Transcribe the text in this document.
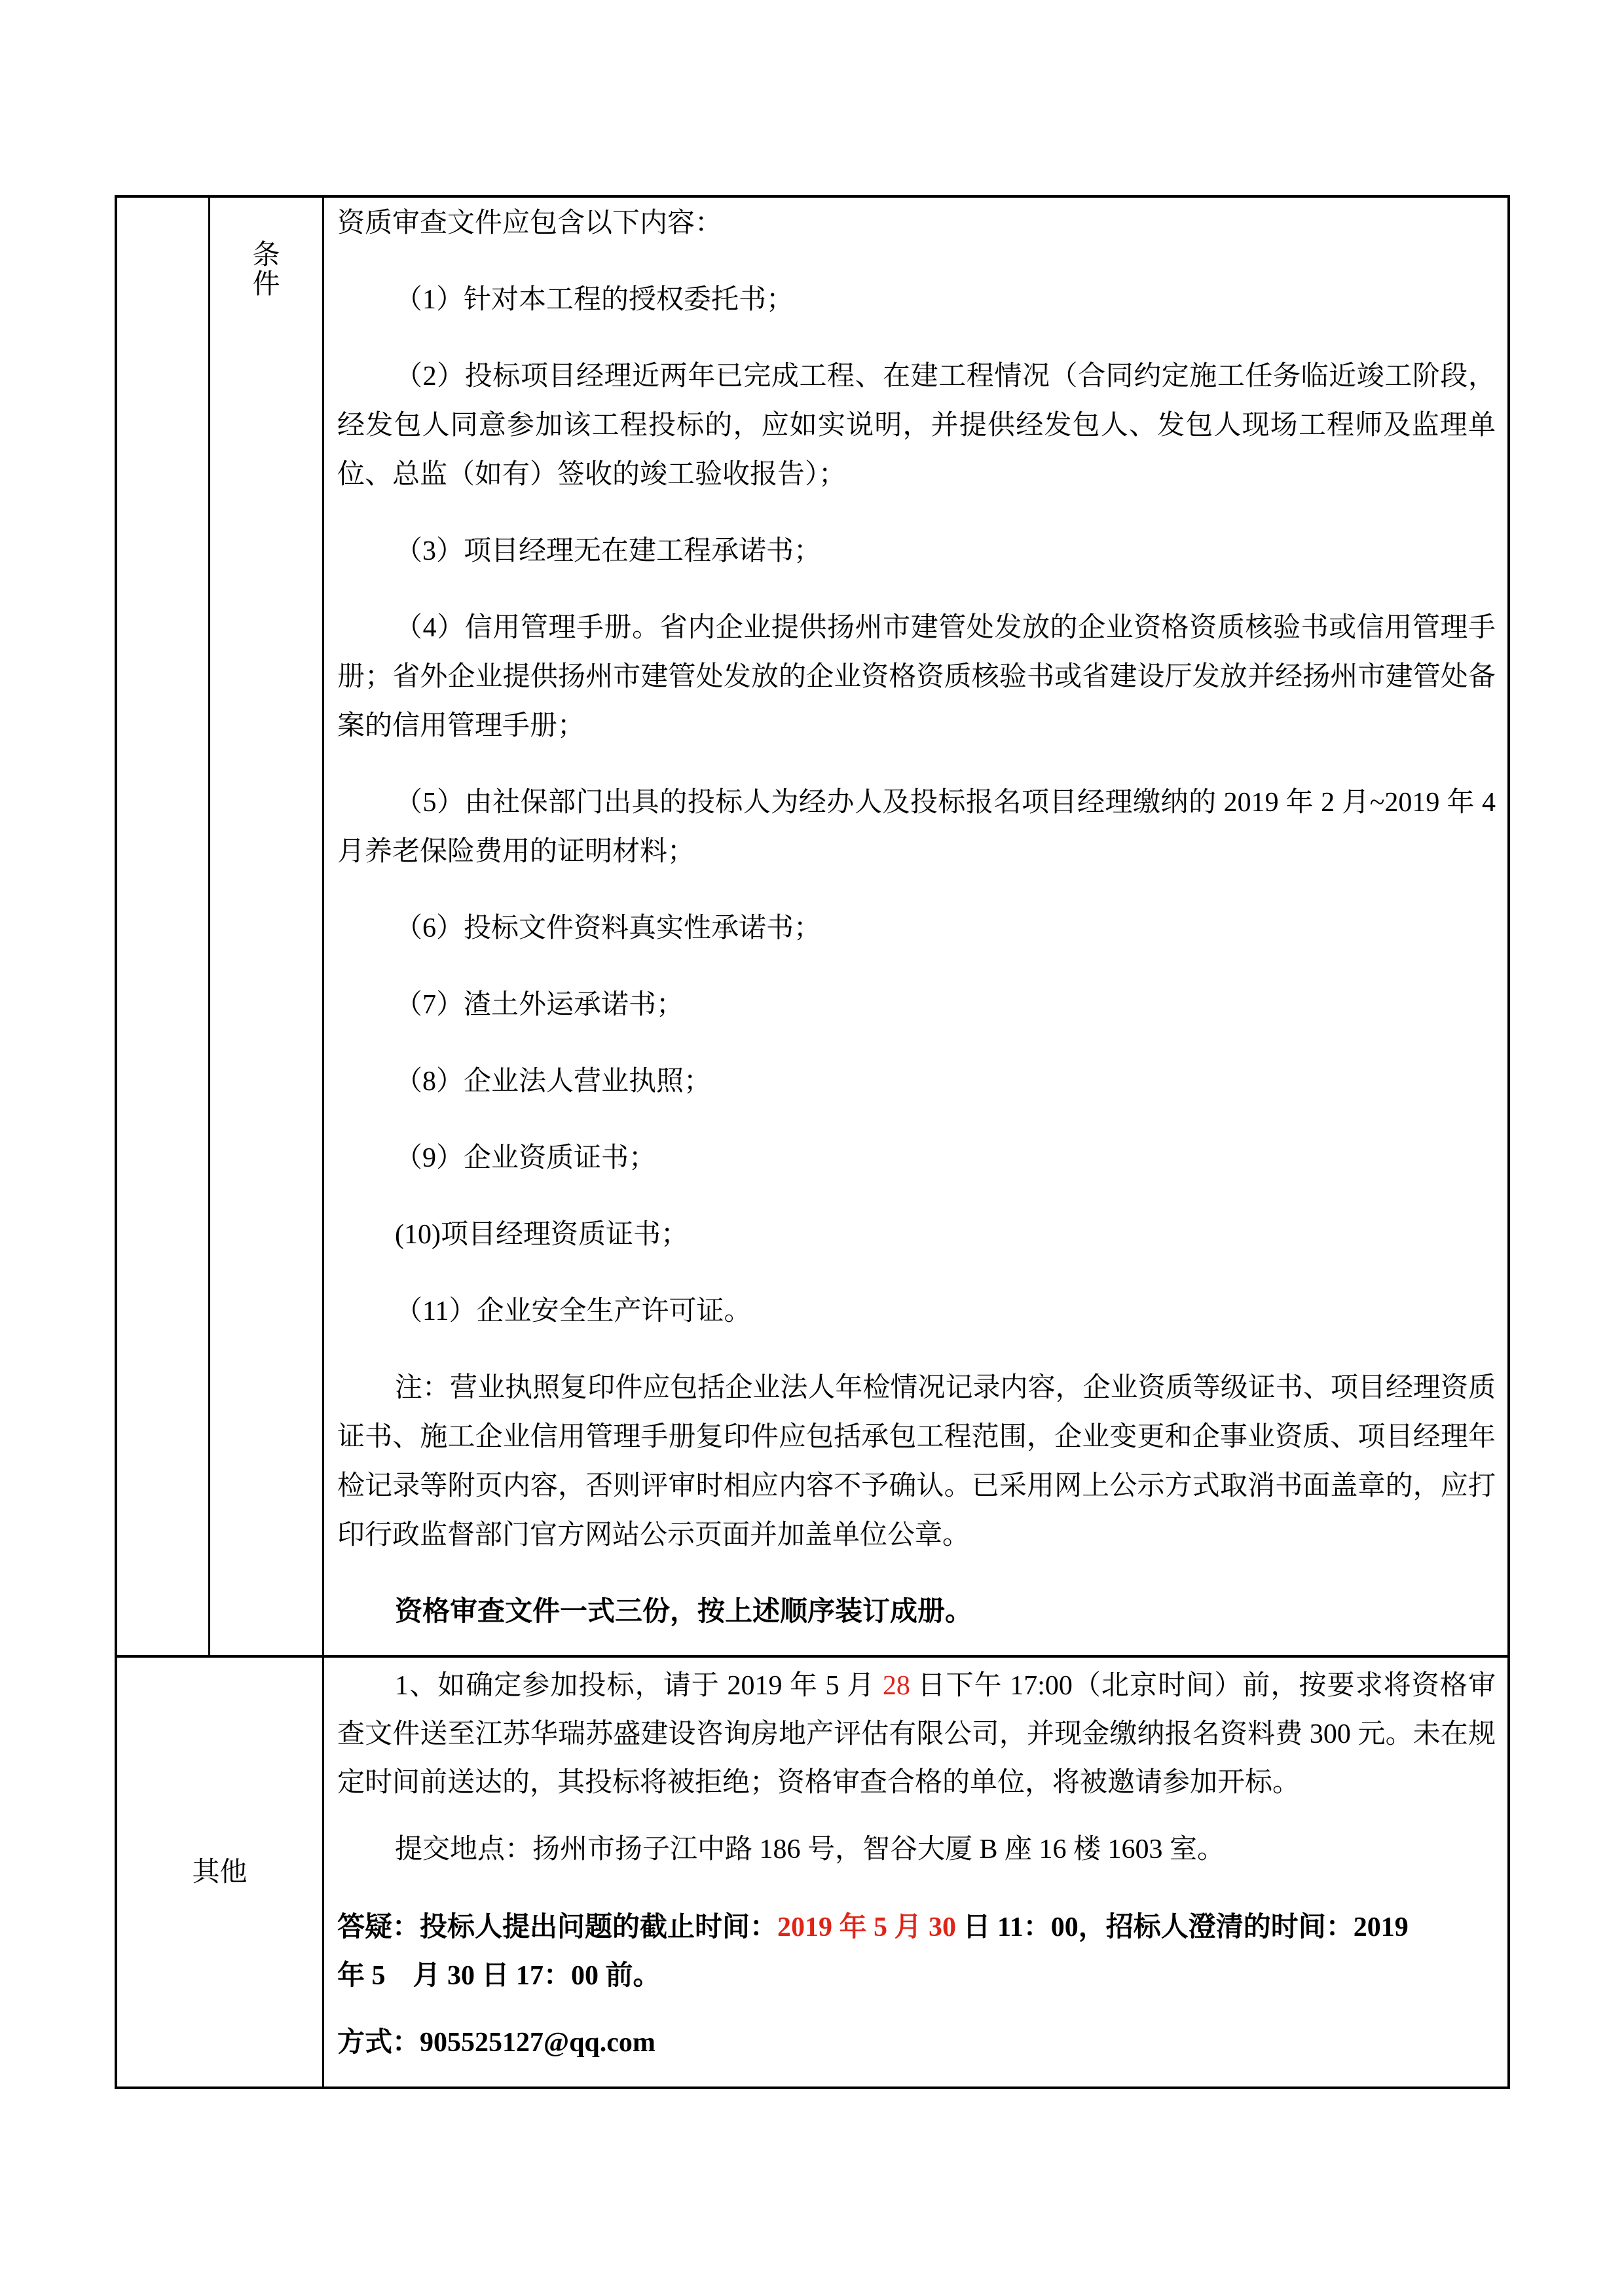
条件

资质审查文件应包含以下内容：

（1）针对本工程的授权委托书；

（2）投标项目经理近两年已完成工程、在建工程情况（合同约定施工任务临近竣工阶段，经发包人同意参加该工程投标的，应如实说明，并提供经发包人、发包人现场工程师及监理单位、总监（如有）签收的竣工验收报告）；

（3）项目经理无在建工程承诺书；

（4）信用管理手册。省内企业提供扬州市建管处发放的企业资格资质核验书或信用管理手册；省外企业提供扬州市建管处发放的企业资格资质核验书或省建设厅发放并经扬州市建管处备案的信用管理手册；

（5）由社保部门出具的投标人为经办人及投标报名项目经理缴纳的 2019 年 2 月~2019 年 4 月养老保险费用的证明材料；

（6）投标文件资料真实性承诺书；

（7）渣土外运承诺书；

（8）企业法人营业执照；

（9）企业资质证书；

(10)项目经理资质证书；

（11）企业安全生产许可证。

注：营业执照复印件应包括企业法人年检情况记录内容，企业资质等级证书、项目经理资质证书、施工企业信用管理手册复印件应包括承包工程范围，企业变更和企事业资质、项目经理年检记录等附页内容，否则评审时相应内容不予确认。已采用网上公示方式取消书面盖章的，应打印行政监督部门官方网站公示页面并加盖单位公章。

资格审查文件一式三份，按上述顺序装订成册。

其他

1、如确定参加投标，请于 2019 年 5 月 28 日下午 17:00（北京时间）前，按要求将资格审查文件送至江苏华瑞苏盛建设咨询房地产评估有限公司，并现金缴纳报名资料费 300 元。未在规定时间前送达的，其投标将被拒绝；资格审查合格的单位，将被邀请参加开标。

提交地点：扬州市扬子江中路 186 号，智谷大厦 B 座 16 楼 1603 室。

答疑：投标人提出问题的截止时间：2019 年 5 月 30 日 11：00，招标人澄清的时间：2019
年 5　月 30 日 17：00 前。

方式：905525127@qq.com
